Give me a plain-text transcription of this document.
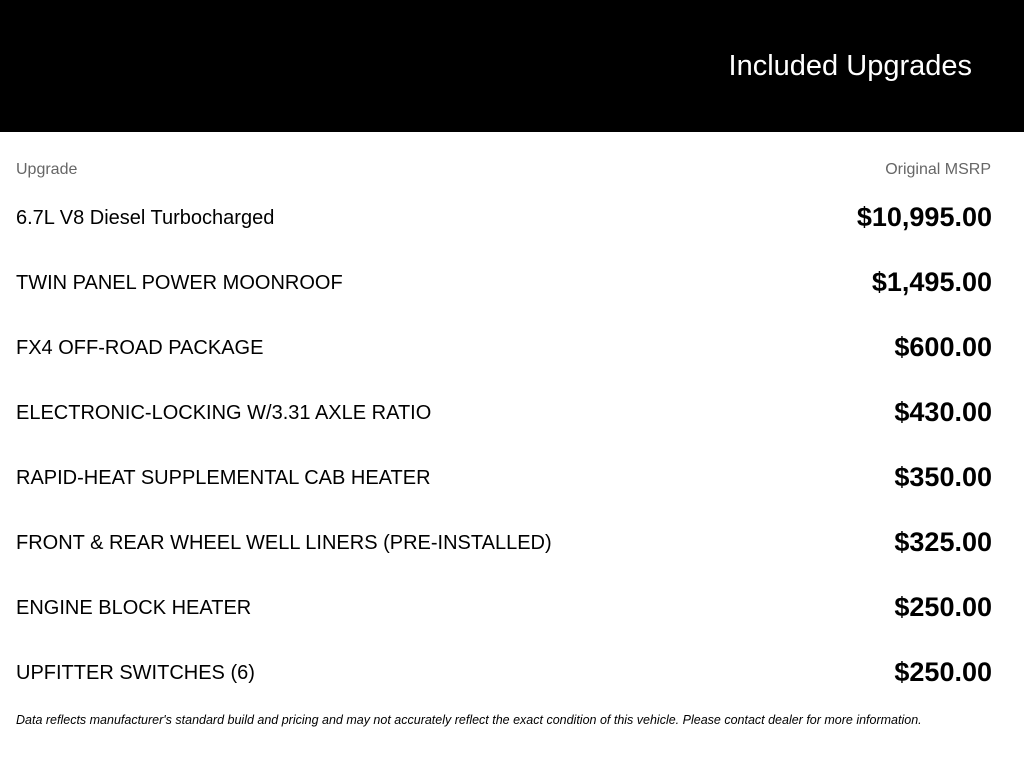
Included Upgrades
Upgrade	Original MSRP
6.7L V8 Diesel Turbocharged	$10,995.00
TWIN PANEL POWER MOONROOF	$1,495.00
FX4 OFF-ROAD PACKAGE	$600.00
ELECTRONIC-LOCKING W/3.31 AXLE RATIO	$430.00
RAPID-HEAT SUPPLEMENTAL CAB HEATER	$350.00
FRONT & REAR WHEEL WELL LINERS (PRE-INSTALLED)	$325.00
ENGINE BLOCK HEATER	$250.00
UPFITTER SWITCHES (6)	$250.00
Data reflects manufacturer's standard build and pricing and may not accurately reflect the exact condition of this vehicle. Please contact dealer for more information.
